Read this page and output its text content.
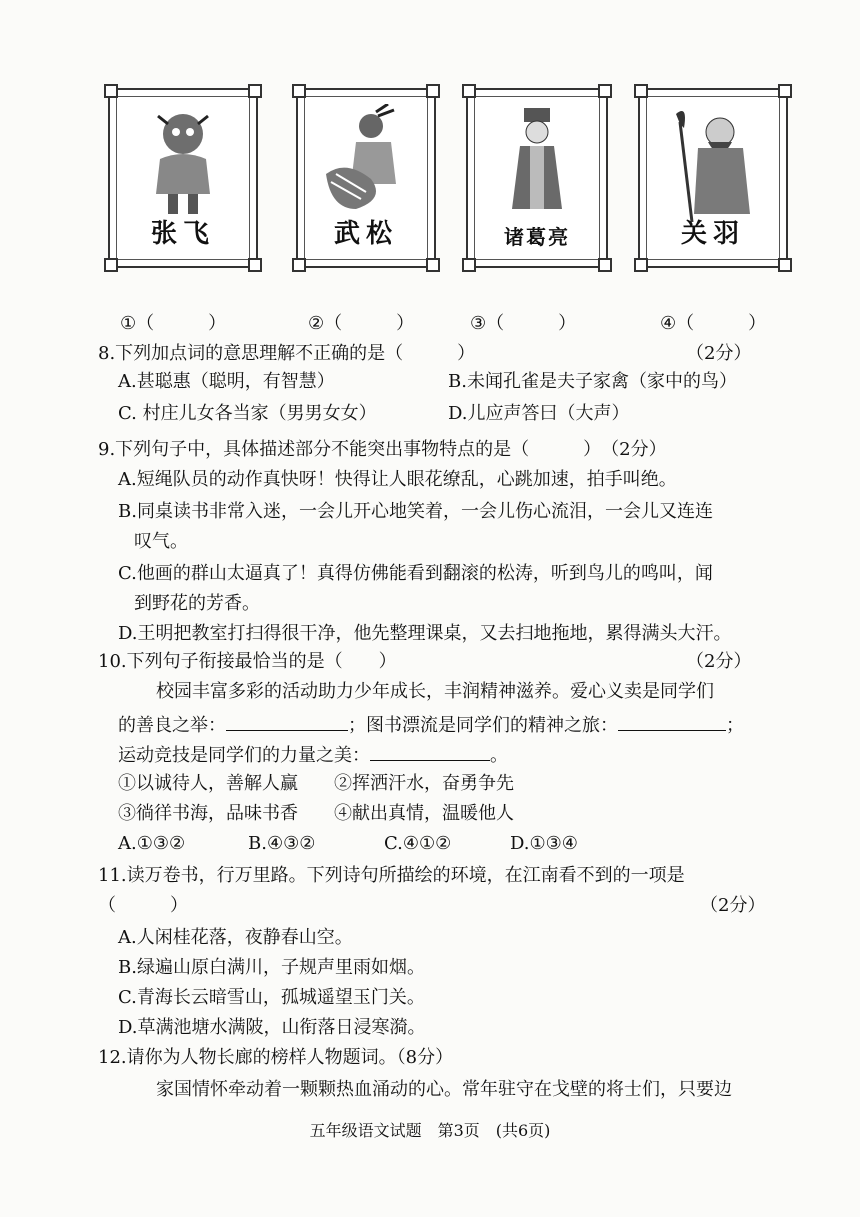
张飞	武松	诸葛亮	关羽
①（　　　）	②（　　　）	③（　　　）	④（　　　）
8.下列加点词的意思理解不正确的是（　　　）	（2分）
A.甚聪惠（聪明，有智慧）	B.未闻孔雀是夫子家禽（家中的鸟）
C. 村庄儿女各当家（男男女女）	D.儿应声答曰（大声）
9.下列句子中，具体描述部分不能突出事物特点的是（　　　）　（2分）
A.短绳队员的动作真快呀！快得让人眼花缭乱，心跳加速，拍手叫绝。
B.同桌读书非常入迷，一会儿开心地笑着，一会儿伤心流泪，一会儿又连连
叹气。
C.他画的群山太逼真了！真得仿佛能看到翻滚的松涛，听到鸟儿的鸣叫，闻
到野花的芳香。
D.王明把教室打扫得很干净，他先整理课桌，又去扫地拖地，累得满头大汗。
10.下列句子衔接最恰当的是（　　）	（2分）
校园丰富多彩的活动助力少年成长，丰润精神滋养。爱心义卖是同学们
的善良之举：	；图书漂流是同学们的精神之旅：	；
运动竞技是同学们的力量之美：	。
①以诚待人，善解人赢　　②挥洒汗水，奋勇争先
③徜徉书海，品味书香　　④献出真情，温暖他人
A.①③②	B.④③②	C.④①②	D.①③④
11.读万卷书，行万里路。下列诗句所描绘的环境，在江南看不到的一项是
（　　　）	（2分）
A.人闲桂花落，夜静春山空。
B.绿遍山原白满川，子规声里雨如烟。
C.青海长云暗雪山，孤城遥望玉门关。
D.草满池塘水满陂，山衔落日浸寒漪。
12.请你为人物长廊的榜样人物题词。（8分）
家国情怀牵动着一颗颗热血涌动的心。常年驻守在戈壁的将士们，只要边
五年级语文试题　第3页　(共6页)
